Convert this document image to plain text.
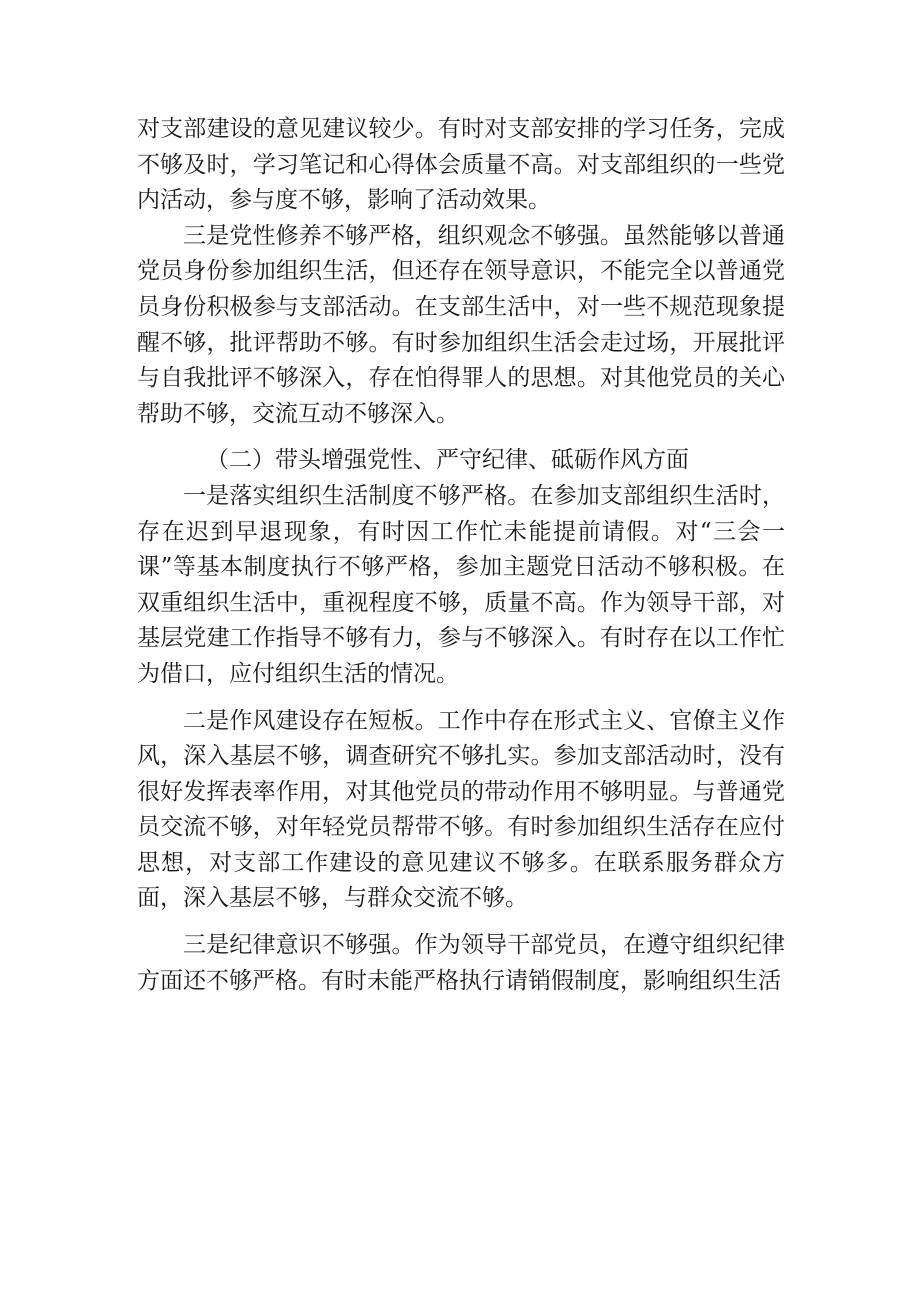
对支部建设的意见建议较少。有时对支部安排的学习任务，完成不够及时，学习笔记和心得体会质量不高。对支部组织的一些党内活动，参与度不够，影响了活动效果。

三是党性修养不够严格，组织观念不够强。虽然能够以普通党员身份参加组织生活，但还存在领导意识，不能完全以普通党员身份积极参与支部活动。在支部生活中，对一些不规范现象提醒不够，批评帮助不够。有时参加组织生活会走过场，开展批评与自我批评不够深入，存在怕得罪人的思想。对其他党员的关心帮助不够，交流互动不够深入。

（二）带头增强党性、严守纪律、砥砺作风方面

一是落实组织生活制度不够严格。在参加支部组织生活时，存在迟到早退现象，有时因工作忙未能提前请假。对“三会一课”等基本制度执行不够严格，参加主题党日活动不够积极。在双重组织生活中，重视程度不够，质量不高。作为领导干部，对基层党建工作指导不够有力，参与不够深入。有时存在以工作忙为借口，应付组织生活的情况。

二是作风建设存在短板。工作中存在形式主义、官僚主义作风，深入基层不够，调查研究不够扎实。参加支部活动时，没有很好发挥表率作用，对其他党员的带动作用不够明显。与普通党员交流不够，对年轻党员帮带不够。有时参加组织生活存在应付思想，对支部工作建设的意见建议不够多。在联系服务群众方面，深入基层不够，与群众交流不够。

三是纪律意识不够强。作为领导干部党员，在遵守组织纪律方面还不够严格。有时未能严格执行请销假制度，影响组织生活
